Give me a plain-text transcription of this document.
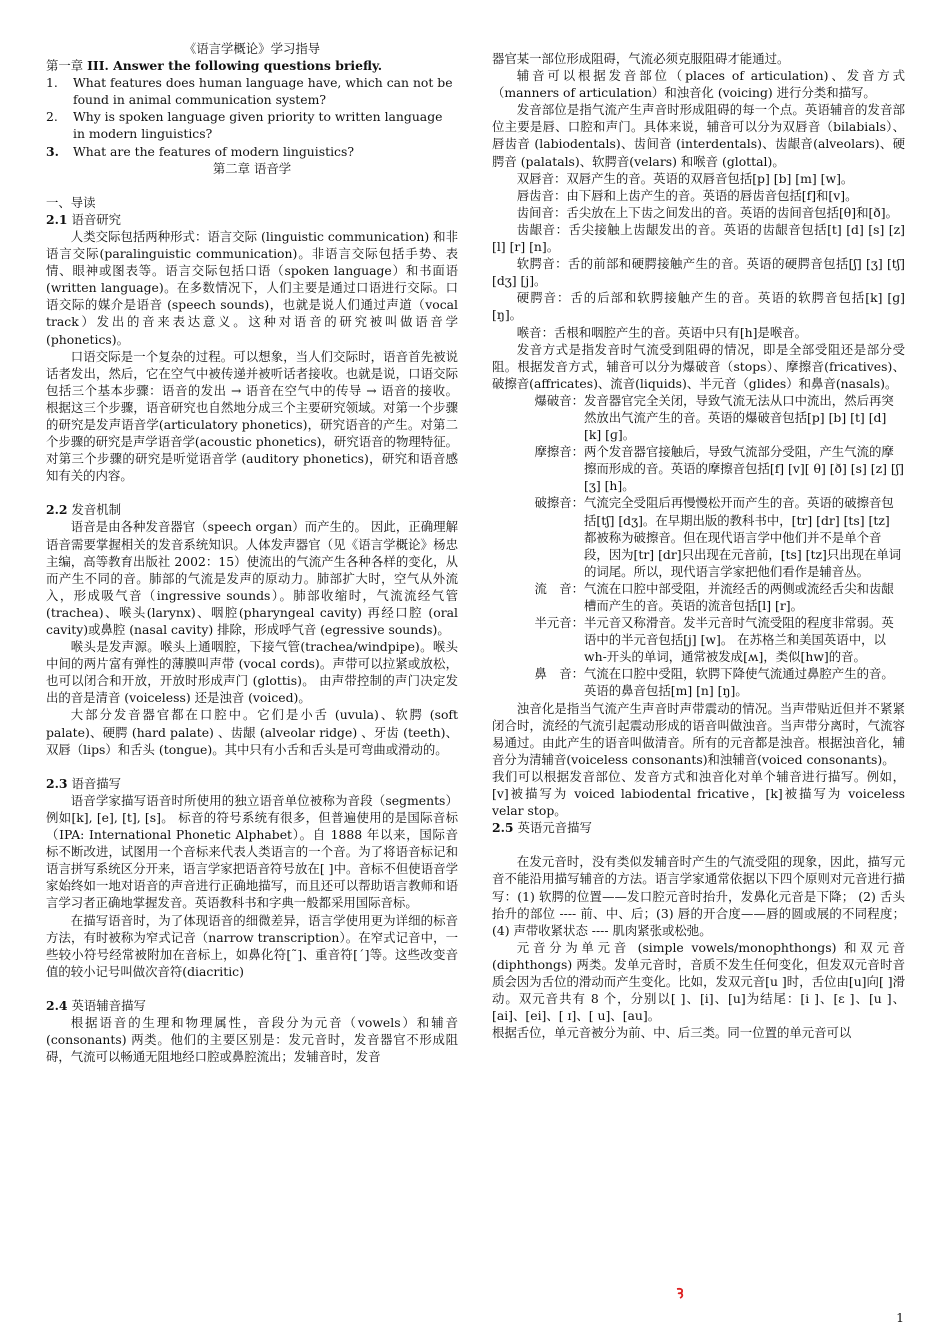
《语言学概论》学习指导

第一章 III. Answer the following questions briefly.

1.	What features does human language have, which can not be found in animal communication system?
2.	Why is spoken language given priority to written language in modern linguistics?
3.	What are the features of modern linguistics?

第二章 语音学

一、导读

2.1 语音研究

人类交际包括两种形式：语言交际 (linguistic communication) 和非语言交际(paralinguistic communication)。非语言交际包括手势、表情、眼神或图表等。语言交际包括口语（spoken language）和书面语 (written language)。在多数情况下，人们主要是通过口语进行交际。口语交际的媒介是语音 (speech sounds)，也就是说人们通过声道（vocal track）发出的音来表达意义。这种对语音的研究被叫做语音学 (phonetics)。

口语交际是一个复杂的过程。可以想象，当人们交际时，语音首先被说话者发出，然后，它在空气中被传递并被听话者接收。也就是说，口语交际包括三个基本步骤：语音的发出 → 语音在空气中的传导 → 语音的接收。 根据这三个步骤，语音研究也自然地分成三个主要研究领域。对第一个步骤的研究是发声语音学(articulatory phonetics)，研究语音的产生。对第二个步骤的研究是声学语音学(acoustic phonetics)，研究语音的物理特征。对第三个步骤的研究是听觉语音学 (auditory phonetics)，研究和语音感知有关的内容。

2.2 发音机制

语音是由各种发音器官（speech organ）而产生的。 因此，正确理解语音需要掌握相关的发音系统知识。人体发声器官（见《语言学概论》杨忠 主编，高等教育出版社 2002：15）使流出的气流产生各种各样的变化，从而产生不同的音。肺部的气流是发声的原动力。肺部扩大时，空气从外流入，形成吸气音（ingressive sounds）。肺部收缩时，气流流经气管(trachea)、喉头(larynx)、咽腔(pharyngeal cavity) 再经口腔 (oral cavity)或鼻腔 (nasal cavity) 排除，形成呼气音 (egressive sounds)。

喉头是发声源。喉头上通咽腔，下接气管(trachea/windpipe)。喉头中间的两片富有弹性的薄膜叫声带 (vocal cords)。声带可以拉紧或放松，也可以闭合和开放，开放时形成声门 (glottis)。 由声带控制的声门决定发出的音是清音 (voiceless) 还是浊音 (voiced)。

大部分发音器官都在口腔中。它们是小舌 (uvula)、软腭 (soft palate)、硬腭 (hard palate) 、齿龈 (alveolar ridge) 、牙齿 (teeth)、双唇（lips）和舌头 (tongue)。其中只有小舌和舌头是可弯曲或滑动的。

2.3 语音描写

语音学家描写语音时所使用的独立语音单位被称为音段（segments） 例如[k], [e], [t], [s]。 标音的符号系统有很多，但普遍使用的是国际音标（IPA: International Phonetic Alphabet）。自 1888 年以来，国际音标不断改进，试图用一个音标来代表人类语言的一个音。为了将语音标记和语言拼写系统区分开来，语言学家把语音符号放在[ ]中。音标不但使语音学家始终如一地对语音的声音进行正确地描写，而且还可以帮助语言教师和语言学习者正确地掌握发音。英语教科书和字典一般都采用国际音标。

在描写语音时，为了体现语音的细微差异，语言学使用更为详细的标音方法，有时被称为窄式记音（narrow transcription）。在窄式记音中，一些较小符号经常被附加在音标上，如鼻化符[˜]、重音符[ˊ]等。这些改变音值的较小记号叫做次音符(diacritic)

2.4 英语辅音描写

根据语音的生理和物理属性，音段分为元音（vowels）和辅音 (consonants) 两类。他们的主要区别是：发元音时，发音器官不形成阻碍，气流可以畅通无阻地经口腔或鼻腔流出；发辅音时，发音

器官某一部位形成阻碍，气流必须克服阻碍才能通过。

辅音可以根据发音部位（places of articulation)、发音方式（manners of articulation）和浊音化 (voicing) 进行分类和描写。

发音部位是指气流产生声音时形成阻碍的每一个点。英语辅音的发音部位主要是唇、口腔和声门。具体来说，辅音可以分为双唇音（bilabials）、唇齿音 (labiodentals)、齿间音 (interdentals)、齿龈音(alveolars)、硬腭音 (palatals)、软腭音(velars) 和喉音 (glottal)。

双唇音：双唇产生的音。英语的双唇音包括[p] [b] [m] [w]。

唇齿音：由下唇和上齿产生的音。英语的唇齿音包括[f]和[v]。

齿间音：舌尖放在上下齿之间发出的音。英语的齿间音包括[θ]和[ð]。

齿龈音：舌尖接触上齿龈发出的音。英语的齿龈音包括[t] [d] [s] [z] [l] [r] [n]。

软腭音：舌的前部和硬腭接触产生的音。英语的硬腭音包括[ʃ] [ʒ] [tʃ] [dʒ] [j]。

硬腭音：舌的后部和软腭接触产生的音。英语的软腭音包括[k] [ɡ] [ŋ]。

喉音：舌根和咽腔产生的音。英语中只有[h]是喉音。

发音方式是指发音时气流受到阻碍的情况，即是全部受阻还是部分受阻。根据发音方式，辅音可以分为爆破音（stops）、摩擦音(fricatives)、破擦音(affricates)、流音(liquids)、半元音（glides）和鼻音(nasals)。

爆破音： 发音器官完全关闭，导致气流无法从口中流出，然后再突然放出气流产生的音。英语的爆破音包括[p] [b] [t] [d] [k] [ɡ]。
摩擦音： 两个发音器官接触后，导致气流部分受阻，产生气流的摩擦而形成的音。英语的摩擦音包括[f] [v][ θ] [ð] [s] [z] [ʃ] [ʒ] [h]。
破擦音： 气流完全受阻后再慢慢松开而产生的音。英语的破擦音包括[tʃ] [dʒ]。在早期出版的教科书中，[tr] [dr] [ts] [tz] 都被称为破擦音。但在现代语言学中他们并不是单个音段，因为[tr] [dr]只出现在元音前，[ts] [tz]只出现在单词的词尾。所以，现代语言学家把他们看作是辅音丛。
流　音： 气流在口腔中部受阻，并流经舌的两侧或流经舌尖和齿龈槽而产生的音。英语的流音包括[l] [r]。
半元音： 半元音又称滑音。发半元音时气流受阻的程度非常弱。英语中的半元音包括[j] [w]。 在苏格兰和美国英语中，以 wh-开头的单词，通常被发成[ʍ]，类似[hw]的音。
鼻　音： 气流在口腔中受阻，软腭下降使气流通过鼻腔产生的音。英语的鼻音包括[m] [n] [ŋ]。

浊音化是指当气流产生声音时声带震动的情况。当声带贴近但并不紧紧闭合时，流经的气流引起震动形成的语音叫做浊音。当声带分离时，气流容易通过。由此产生的语音叫做清音。所有的元音都是浊音。根据浊音化，辅音分为清辅音(voiceless consonants)和浊辅音(voiced consonants)。

我们可以根据发音部位、发音方式和浊音化对单个辅音进行描写。例如，[v]被描写为 voiced labiodental fricative，[k]被描写为 voiceless velar stop。

2.5 英语元音描写

在发元音时，没有类似发辅音时产生的气流受阻的现象，因此，描写元音不能沿用描写辅音的方法。语言学家通常依据以下四个原则对元音进行描写：(1) 软腭的位置——发口腔元音时抬升，发鼻化元音是下降； (2) 舌头抬升的部位 ---- 前、中、后；(3) 唇的开合度——唇的圆或展的不同程度；(4) 声带收紧状态 ---- 肌肉紧张或松弛。

元音分为单元音 (simple vowels/monophthongs) 和双元音 (diphthongs) 两类。发单元音时，音质不发生任何变化，但发双元音时音质会因为舌位的滑动而产生变化。比如，发双元音[u ]时，舌位由[u]向[ ]滑动。双元音共有 8 个，分别以[ ]、[i]、[u]为结尾：[i ]、[ɛ ]、[u ]、[ai]、[ei]、[ ɪ]、[ u]、[au]。

根据舌位，单元音被分为前、中、后三类。同一位置的单元音可以

1
